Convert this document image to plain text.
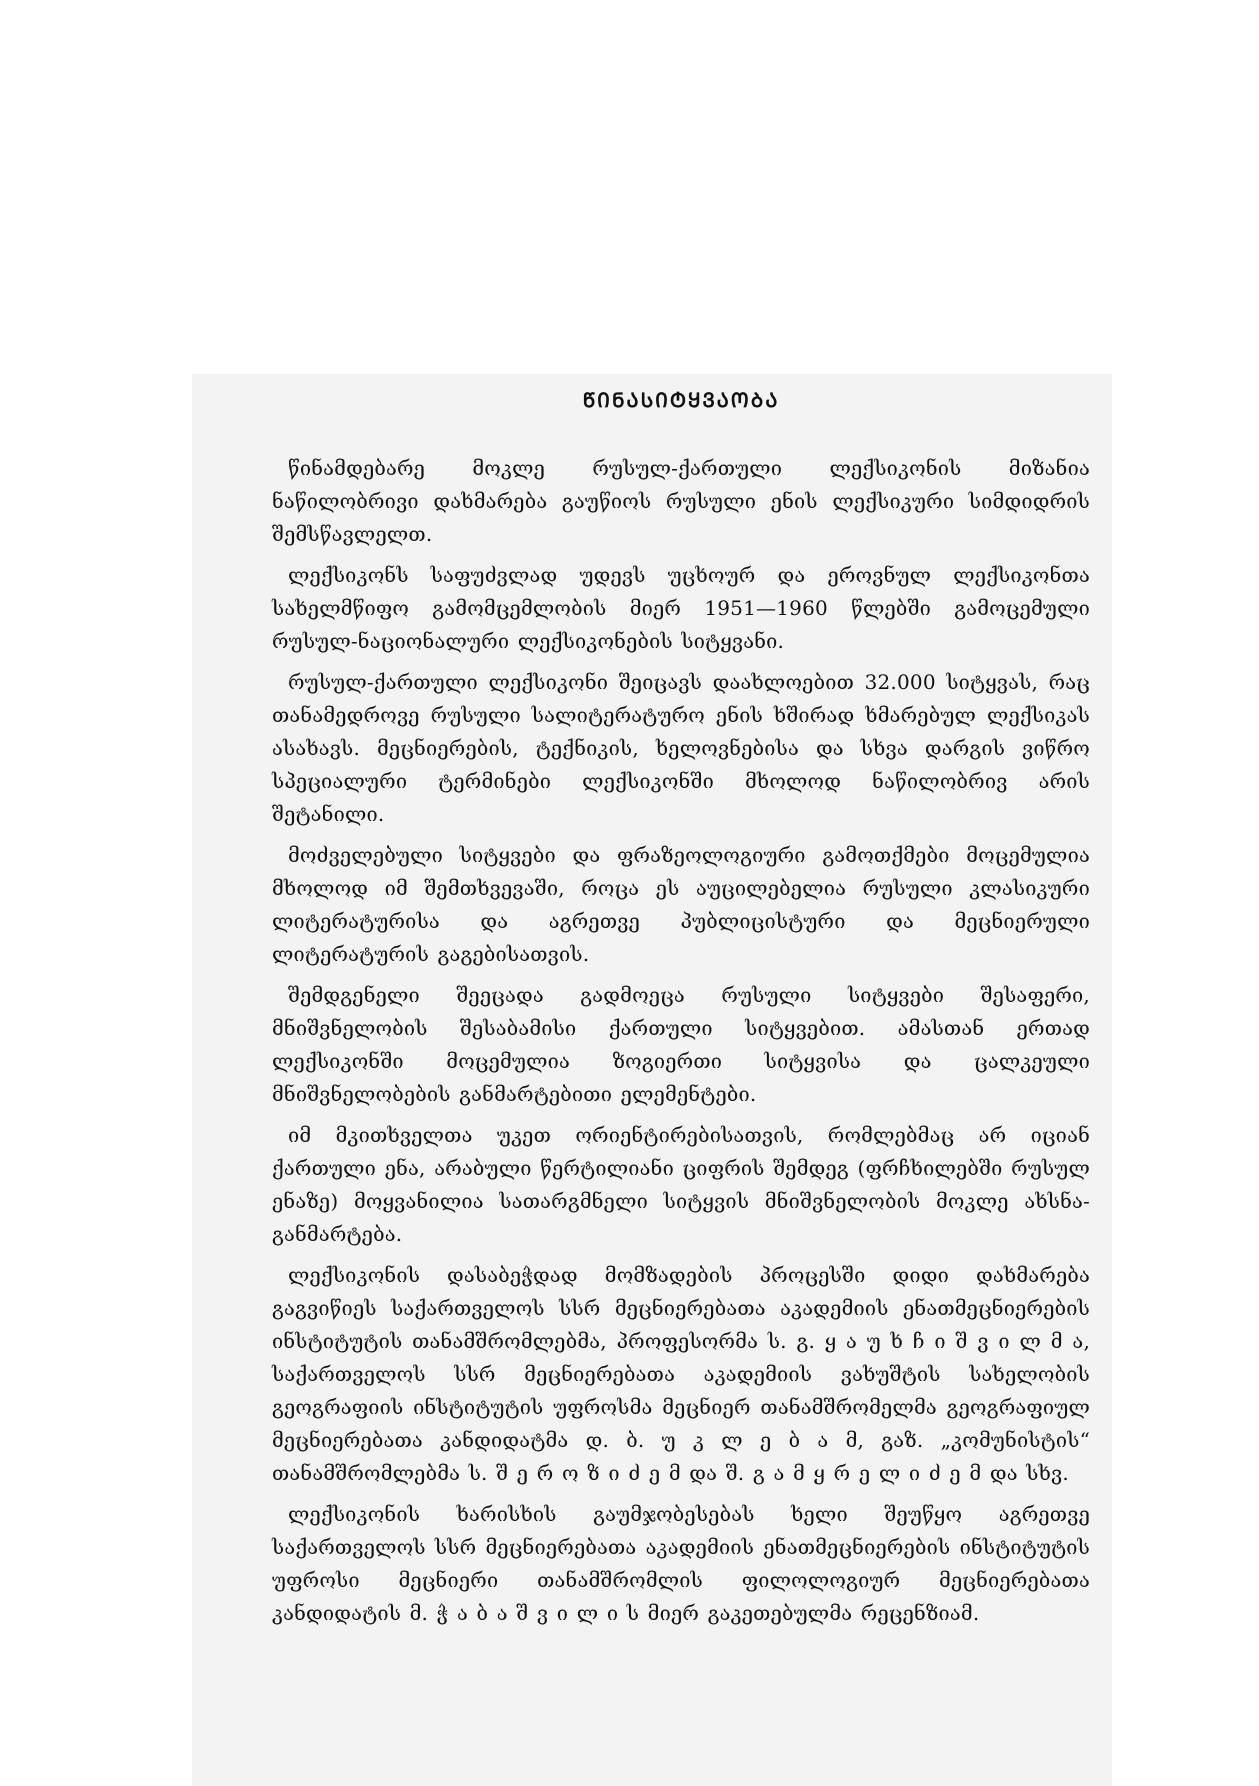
ᲬᲘᲜᲐᲡᲘᲢᲧᲕᲐᲝᲑᲐ

წინამდებარე მოკლე რუსულ-ქართული ლექსიკონის მიზანია ნაწილობრივი დახმარება გაუწიოს რუსული ენის ლექსიკური სიმდიდრის შემსწავლელთ.

ლექსიკონს საფუძვლად უდევს უცხოურ და ეროვნულ ლექსიკონთა სახელმწიფო გამომცემლობის მიერ 1951—1960 წლებში გამოცემული რუსულ-ნაციონალური ლექსიკონების სიტყვანი.

რუსულ-ქართული ლექსიკონი შეიცავს დაახლოებით 32.000 სიტყვას, რაც თანამედროვე რუსული სალიტერატურო ენის ხშირად ხმარებულ ლექსიკას ასახავს. მეცნიერების, ტექნიკის, ხელოვნებისა და სხვა დარგის ვიწრო სპეციალური ტერმინები ლექსიკონში მხოლოდ ნაწილობრივ არის შეტანილი.

მოძველებული სიტყვები და ფრაზეოლოგიური გამოთქმები მოცემულია მხოლოდ იმ შემთხვევაში, როცა ეს აუცილებელია რუსული კლასიკური ლიტერატურისა და აგრეთვე პუბლიცისტური და მეცნიერული ლიტერატურის გაგებისათვის.

შემდგენელი შეეცადა გადმოეცა რუსული სიტყვები შესაფერი, მნიშვნელობის შესაბამისი ქართული სიტყვებით. ამასთან ერთად ლექსიკონში მოცემულია ზოგიერთი სიტყვისა და ცალკეული მნიშვნელობების განმარტებითი ელემენტები.

იმ მკითხველთა უკეთ ორიენტირებისათვის, რომლებმაც არ იციან ქართული ენა, არაბული წერტილიანი ციფრის შემდეგ (ფრჩხილებში რუსულ ენაზე) მოყვანილია სათარგმნელი სიტყვის მნიშვნელობის მოკლე ახსნა-განმარტება.

ლექსიკონის დასაბეჭდად მომზადების პროცესში დიდი დახმარება გაგვიწიეს საქართველოს სსრ მეცნიერებათა აკადემიის ენათმეცნიერების ინსტიტუტის თანამშრომლებმა, პროფესორმა ს. გ. ყ ა უ ხ ჩ ი შ ვ ი ლ მ ა, საქართველოს სსრ მეცნიერებათა აკადემიის ვახუშტის სახელობის გეოგრაფიის ინსტიტუტის უფროსმა მეცნიერ თანამშრომელმა გეოგრაფიულ მეცნიერებათა კანდიდატმა დ. ბ. უ კ ლ ე ბ ა მ, გაზ. „კომუნისტის“ თანამშრომლებმა ს. შ ე რ ო ზ ი ძ ე მ და შ. გ ა მ ყ რ ე ლ ი ძ ე მ და სხვ.

ლექსიკონის ხარისხის გაუმჯობესებას ხელი შეუწყო აგრეთვე საქართველოს სსრ მეცნიერებათა აკადემიის ენათმეცნიერების ინსტიტუტის უფროსი მეცნიერი თანამშრომლის ფილოლოგიურ მეცნიერებათა კანდიდატის მ. ჭ ა ბ ა შ ვ ი ლ ი ს მიერ გაკეთებულმა რეცენზიამ.
